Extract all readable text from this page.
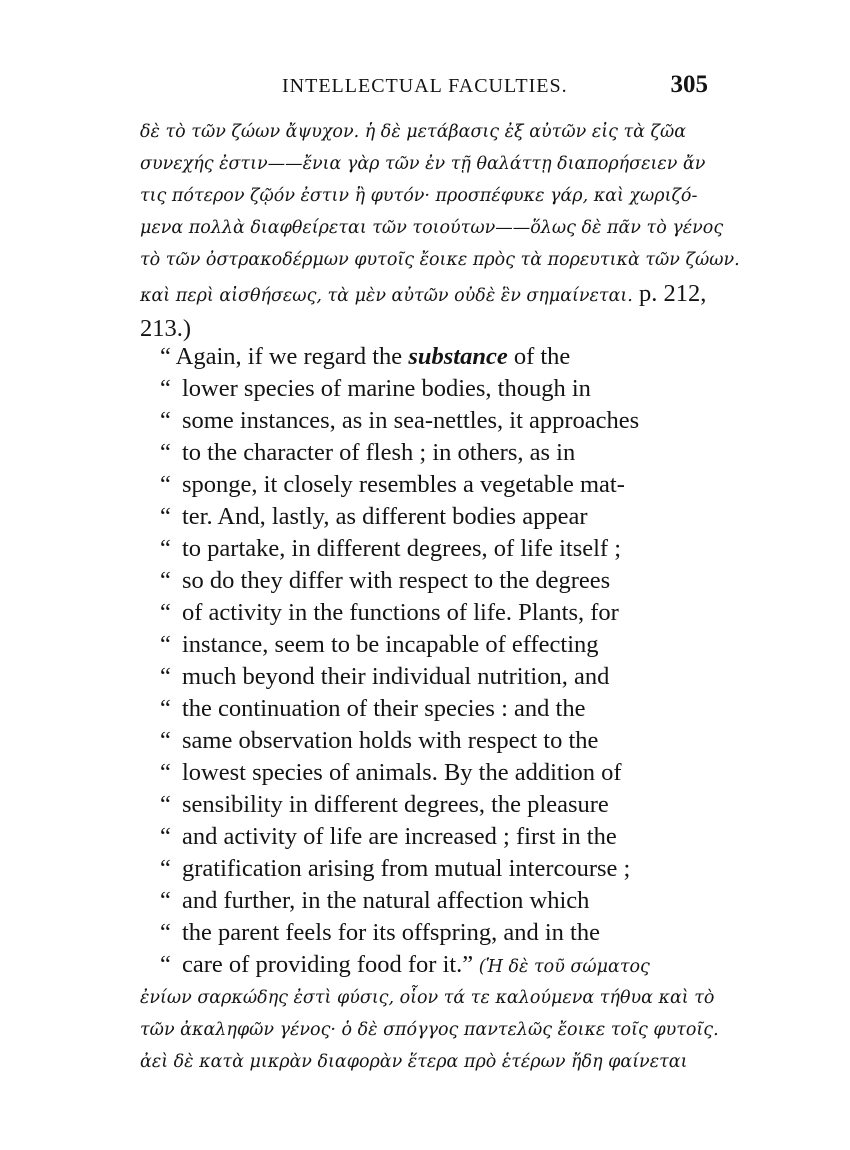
INTELLECTUAL FACULTIES.	305

δὲ τὸ τῶν ζώων ἄψυχον. ἡ δὲ μετάβασις ἐξ αὐτῶν εἰς τὰ ζῶα

συνεχής ἐστιν——ἔνια γὰρ τῶν ἐν τῇ θαλάττῃ διαπορήσειεν ἄν

τις πότερον ζῷόν ἐστιν ἢ φυτόν· προσπέφυκε γάρ, καὶ χωριζό-

μενα πολλὰ διαφθείρεται τῶν τοιούτων——ὅλως δὲ πᾶν τὸ γένος

τὸ τῶν ὀστρακοδέρμων φυτοῖς ἔοικε πρὸς τὰ πορευτικὰ τῶν ζώων.

καὶ περὶ αἰσθήσεως, τὰ μὲν αὐτῶν οὐδὲ ἓν σημαίνεται. p. 212,

213.)

“ Again, if we regard the substance of the

“ lower species of marine bodies, though in

“ some instances, as in sea-nettles, it approaches

“ to the character of flesh ; in others, as in

“ sponge, it closely resembles a vegetable mat-

“ ter. And, lastly, as different bodies appear

“ to partake, in different degrees, of life itself ;

“ so do they differ with respect to the degrees

“ of activity in the functions of life. Plants, for

“ instance, seem to be incapable of effecting

“ much beyond their individual nutrition, and

“ the continuation of their species : and the

“ same observation holds with respect to the

“ lowest species of animals. By the addition of

“ sensibility in different degrees, the pleasure

“ and activity of life are increased ; first in the

“ gratification arising from mutual intercourse ;

“ and further, in the natural affection which

“ the parent feels for its offspring, and in the

“ care of providing food for it.” (Ἡ δὲ τοῦ σώματος

ἐνίων σαρκώδης ἐστὶ φύσις, οἷον τά τε καλούμενα τήθυα καὶ τὸ

τῶν ἀκαληφῶν γένος· ὁ δὲ σπόγγος παντελῶς ἔοικε τοῖς φυτοῖς.

ἀεὶ δὲ κατὰ μικρὰν διαφορὰν ἕτερα πρὸ ἑτέρων ἤδη φαίνεται
